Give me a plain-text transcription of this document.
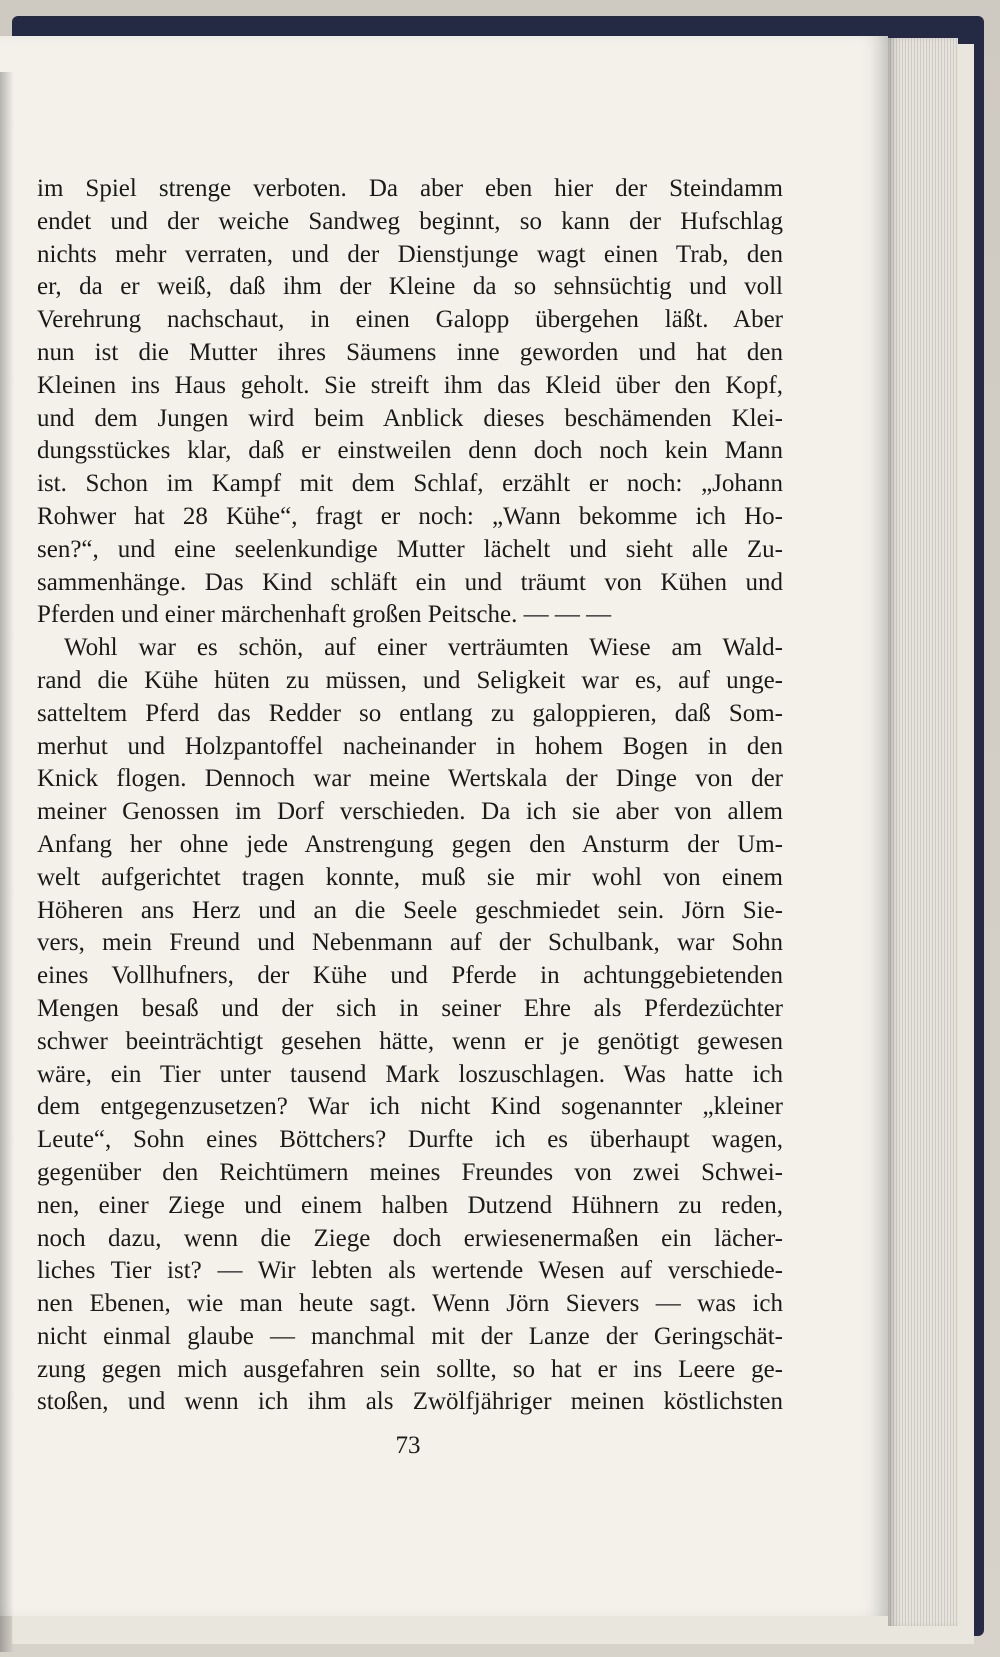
im Spiel strenge verboten. Da aber eben hier der Steindamm
endet und der weiche Sandweg beginnt, so kann der Hufschlag
nichts mehr verraten, und der Dienstjunge wagt einen Trab, den
er, da er weiß, daß ihm der Kleine da so sehnsüchtig und voll
Verehrung nachschaut, in einen Galopp übergehen läßt. Aber
nun ist die Mutter ihres Säumens inne geworden und hat den
Kleinen ins Haus geholt. Sie streift ihm das Kleid über den Kopf,
und dem Jungen wird beim Anblick dieses beschämenden Klei-
dungsstückes klar, daß er einstweilen denn doch noch kein Mann
ist. Schon im Kampf mit dem Schlaf, erzählt er noch: „Johann
Rohwer hat 28 Kühe“, fragt er noch: „Wann bekomme ich Ho-
sen?“, und eine seelenkundige Mutter lächelt und sieht alle Zu-
sammenhänge. Das Kind schläft ein und träumt von Kühen und
Pferden und einer märchenhaft großen Peitsche. — — —
Wohl war es schön, auf einer verträumten Wiese am Wald-
rand die Kühe hüten zu müssen, und Seligkeit war es, auf unge-
satteltem Pferd das Redder so entlang zu galoppieren, daß Som-
merhut und Holzpantoffel nacheinander in hohem Bogen in den
Knick flogen. Dennoch war meine Wertskala der Dinge von der
meiner Genossen im Dorf verschieden. Da ich sie aber von allem
Anfang her ohne jede Anstrengung gegen den Ansturm der Um-
welt aufgerichtet tragen konnte, muß sie mir wohl von einem
Höheren ans Herz und an die Seele geschmiedet sein. Jörn Sie-
vers, mein Freund und Nebenmann auf der Schulbank, war Sohn
eines Vollhufners, der Kühe und Pferde in achtunggebietenden
Mengen besaß und der sich in seiner Ehre als Pferdezüchter
schwer beeinträchtigt gesehen hätte, wenn er je genötigt gewesen
wäre, ein Tier unter tausend Mark loszuschlagen. Was hatte ich
dem entgegenzusetzen? War ich nicht Kind sogenannter „kleiner
Leute“, Sohn eines Böttchers? Durfte ich es überhaupt wagen,
gegenüber den Reichtümern meines Freundes von zwei Schwei-
nen, einer Ziege und einem halben Dutzend Hühnern zu reden,
noch dazu, wenn die Ziege doch erwiesenermaßen ein lächer-
liches Tier ist? — Wir lebten als wertende Wesen auf verschiede-
nen Ebenen, wie man heute sagt. Wenn Jörn Sievers — was ich
nicht einmal glaube — manchmal mit der Lanze der Geringschät-
zung gegen mich ausgefahren sein sollte, so hat er ins Leere ge-
stoßen, und wenn ich ihm als Zwölfjähriger meinen köstlichsten
73
